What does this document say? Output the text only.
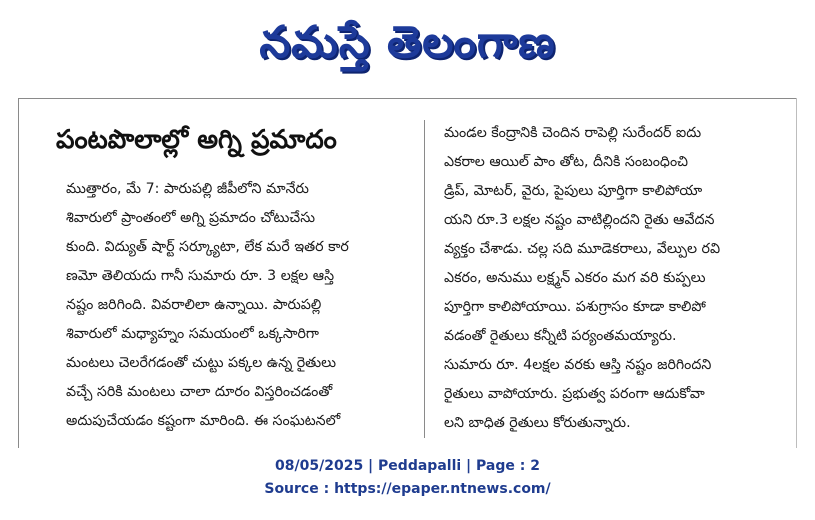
నమస్తే తెలంగాణ
పంటపొలాల్లో అగ్ని ప్రమాదం
ముత్తారం, మే 7: పారుపల్లి జీపీలోని మానేరు
శివారులో ప్రాంతంలో అగ్ని ప్రమాదం చోటుచేసు
కుంది. విద్యుత్ షార్ట్ సర్క్యూటా, లేక మరే ఇతర కార
ణమో తెలియదు గానీ సుమారు రూ. 3 లక్షల ఆస్తి
నష్టం జరిగింది. వివరాలిలా ఉన్నాయి. పారుపల్లి
శివారులో మధ్యాహ్నం సమయంలో ఒక్కసారిగా
మంటలు చెలరేగడంతో చుట్టు పక్కల ఉన్న రైతులు
వచ్చే సరికి మంటలు చాలా దూరం విస్తరించడంతో
అదుపుచేయడం కష్టంగా మారింది. ఈ సంఘటనలో
మండల కేంద్రానికి చెందిన రాపెల్లి సురేందర్ ఐదు
ఎకరాల ఆయిల్ పాం తోట, దీనికి సంబంధించి
డ్రిప్, మోటర్, వైరు, పైపులు పూర్తిగా కాలిపోయా
యని రూ.3 లక్షల నష్టం వాటిల్లిందని రైతు ఆవేదన
వ్యక్తం చేశాడు. చల్ల సది మూడెకరాలు, వేల్పుల రవి
ఎకరం, అనుము లక్ష్మన్ ఎకరం మగ వరి కుప్పలు
పూర్తిగా కాలిపోయాయి. పశుగ్రాసం కూడా కాలిపో
వడంతో రైతులు కన్నీటి పర్యంతమయ్యారు.
సుమారు రూ. 4లక్షల వరకు ఆస్తి నష్టం జరిగిందని
రైతులు వాపోయారు. ప్రభుత్వ పరంగా ఆదుకోవా
లని బాధిత రైతులు కోరుతున్నారు.
08/05/2025 | Peddapalli | Page : 2
Source : https://epaper.ntnews.com/
